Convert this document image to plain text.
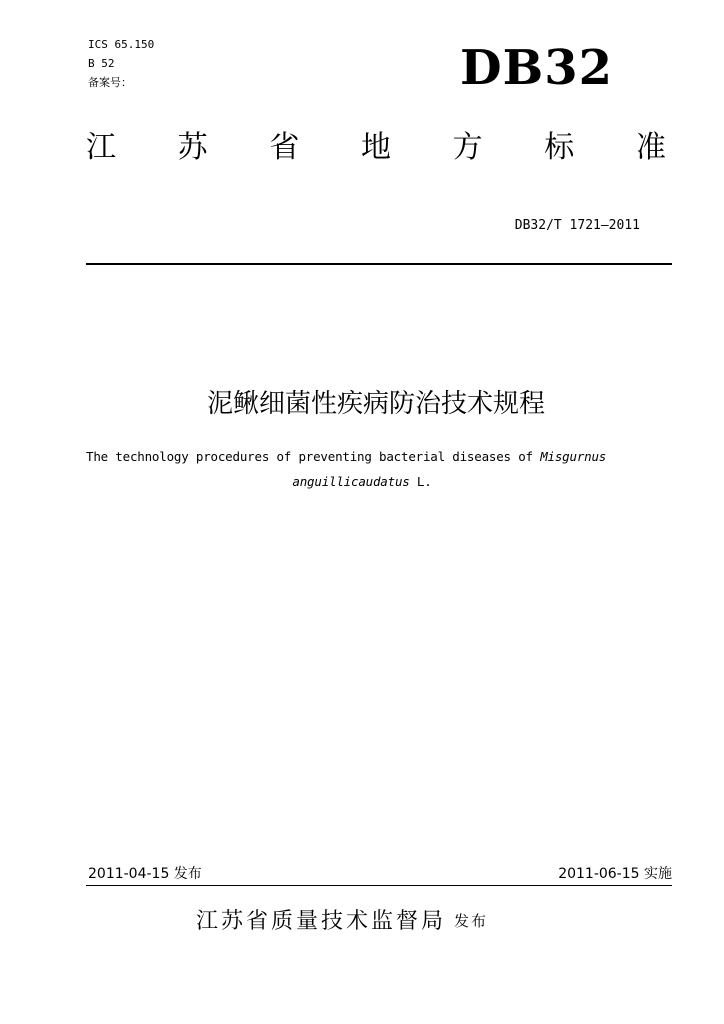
ICS 65.150
B 52
备案号：	DB32
江 苏 省 地 方 标 准
DB32/T 1721—2011
泥鳅细菌性疾病防治技术规程
The technology procedures of preventing bacterial diseases of Misgurnus
anguillicaudatus L.
2011-04-15 发布	2011-06-15 实施
江苏省质量技术监督局 发布
